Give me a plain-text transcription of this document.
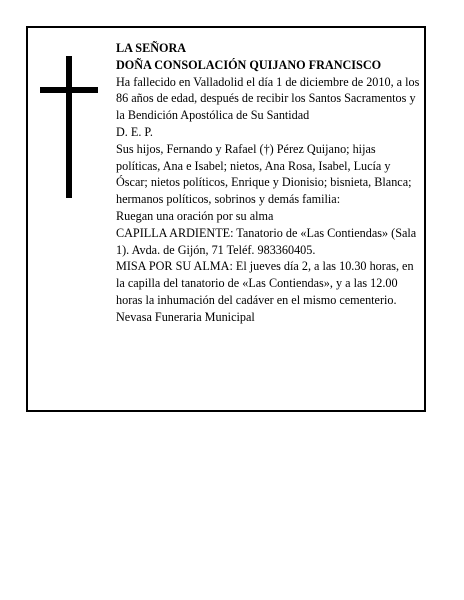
LA SEÑORA

DOÑA CONSOLACIÓN QUIJANO FRANCISCO

Ha fallecido en Valladolid el día 1 de diciembre de 2010, a los 86 años de edad, después de recibir los Santos Sacramentos y la Bendición Apostólica de Su Santidad

D. E. P.

Sus hijos, Fernando y Rafael (†) Pérez Quijano; hijas políticas, Ana e Isabel; nietos, Ana Rosa, Isabel, Lucía y Óscar; nietos políticos, Enrique y Dionisio; bisnieta, Blanca; hermanos políticos, sobrinos y demás familia:

Ruegan una oración por su alma

CAPILLA ARDIENTE: Tanatorio de «Las Contiendas» (Sala 1). Avda. de Gijón, 71 Teléf. 983360405.

MISA POR SU ALMA: El jueves día 2, a las 10.30 horas, en la capilla del tanatorio de «Las Contiendas», y a las 12.00 horas la inhumación del cadáver en el mismo cementerio.

Nevasa Funeraria Municipal
